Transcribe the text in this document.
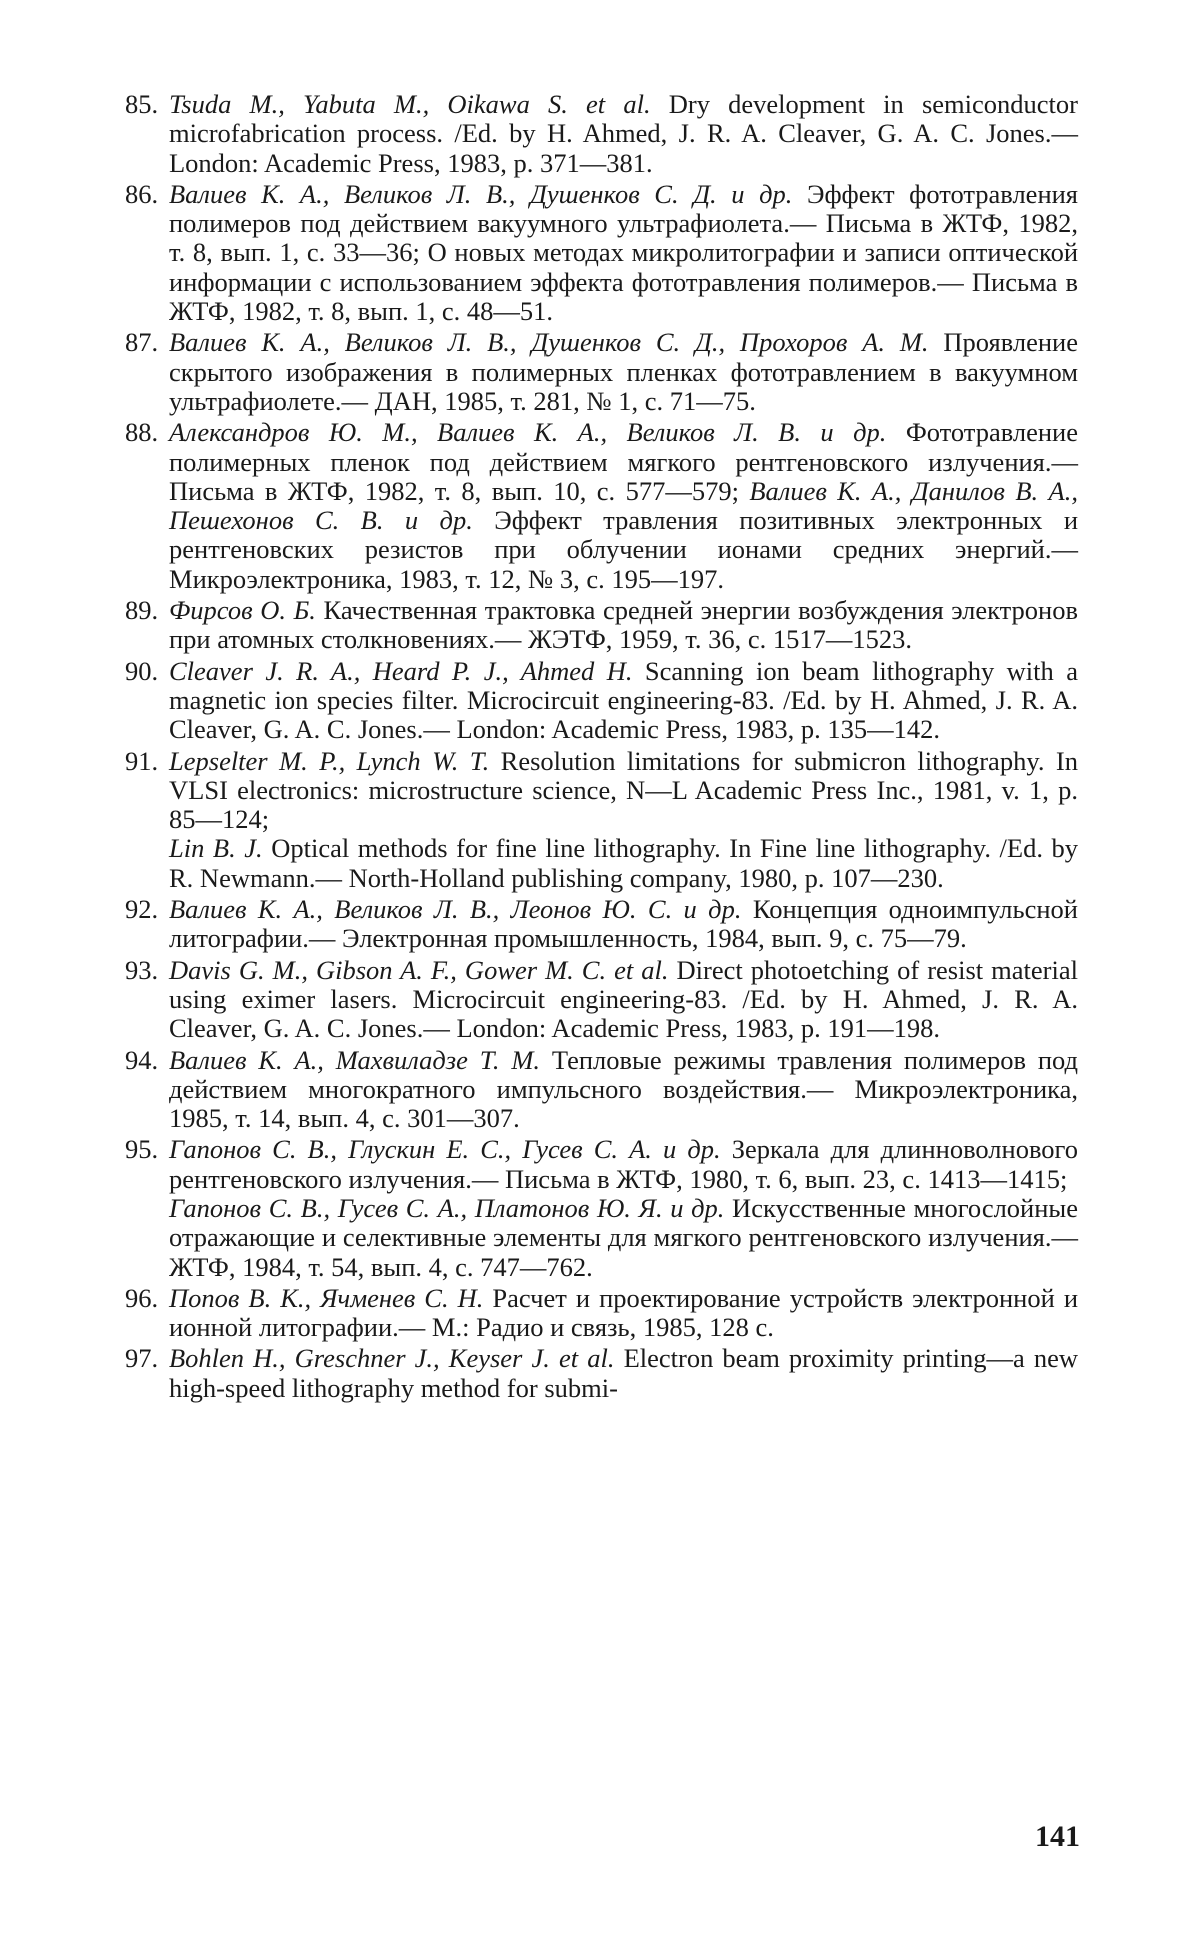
85. Tsuda M., Yabuta M., Oikawa S. et al. Dry development in semiconductor microfabrication process. /Ed. by H. Ahmed, J. R. A. Cleaver, G. A. C. Jones.— London: Academic Press, 1983, p. 371—381.
86. Валиев К. А., Великов Л. В., Душенков С. Д. и др. Эффект фототравления полимеров под действием вакуумного ультрафиолета.— Письма в ЖТФ, 1982, т. 8, вып. 1, с. 33—36; О новых методах микролитографии и записи оптической информации с использованием эффекта фототравления полимеров.— Письма в ЖТФ, 1982, т. 8, вып. 1, с. 48—51.
87. Валиев К. А., Великов Л. В., Душенков С. Д., Прохоров А. М. Проявление скрытого изображения в полимерных пленках фототравлением в вакуумном ультрафиолете.— ДАН, 1985, т. 281, № 1, с. 71—75.
88. Александров Ю. М., Валиев К. А., Великов Л. В. и др. Фототравление полимерных пленок под действием мягкого рентгеновского излучения.— Письма в ЖТФ, 1982, т. 8, вып. 10, с. 577—579; Валиев К. А., Данилов В. А., Пешехонов С. В. и др. Эффект травления позитивных электронных и рентгеновских резистов при облучении ионами средних энергий.— Микроэлектроника, 1983, т. 12, № 3, с. 195—197.
89. Фирсов О. Б. Качественная трактовка средней энергии возбуждения электронов при атомных столкновениях.— ЖЭТФ, 1959, т. 36, с. 1517—1523.
90. Cleaver J. R. A., Heard P. J., Ahmed H. Scanning ion beam lithography with a magnetic ion species filter. Microcircuit engineering-83. /Ed. by H. Ahmed, J. R. A. Cleaver, G. A. C. Jones.— London: Academic Press, 1983, p. 135—142.
91. Lepselter M. P., Lynch W. T. Resolution limitations for submicron lithography. In VLSI electronics: microstructure science, N—L Academic Press Inc., 1981, v. 1, p. 85—124;
Lin B. J. Optical methods for fine line lithography. In Fine line lithography. /Ed. by R. Newmann.— North-Holland publishing company, 1980, p. 107—230.
92. Валиев К. А., Великов Л. В., Леонов Ю. С. и др. Концепция одноимпульсной литографии.— Электронная промышленность, 1984, вып. 9, с. 75—79.
93. Davis G. M., Gibson A. F., Gower M. C. et al. Direct photoetching of resist material using eximer lasers. Microcircuit engineering-83. /Ed. by H. Ahmed, J. R. A. Cleaver, G. A. C. Jones.— London: Academic Press, 1983, p. 191—198.
94. Валиев К. А., Махвиладзе Т. М. Тепловые режимы травления полимеров под действием многократного импульсного воздействия.— Микроэлектроника, 1985, т. 14, вып. 4, с. 301—307.
95. Гапонов С. В., Глускин Е. С., Гусев С. А. и др. Зеркала для длинноволнового рентгеновского излучения.— Письма в ЖТФ, 1980, т. 6, вып. 23, с. 1413—1415;
Гапонов С. В., Гусев С. А., Платонов Ю. Я. и др. Искусственные многослойные отражающие и селективные элементы для мягкого рентгеновского излучения.— ЖТФ, 1984, т. 54, вып. 4, с. 747—762.
96. Попов В. К., Ячменев С. Н. Расчет и проектирование устройств электронной и ионной литографии.— М.: Радио и связь, 1985, 128 с.
97. Bohlen H., Greschner J., Keyser J. et al. Electron beam proximity printing—a new high-speed lithography method for submi-
141
